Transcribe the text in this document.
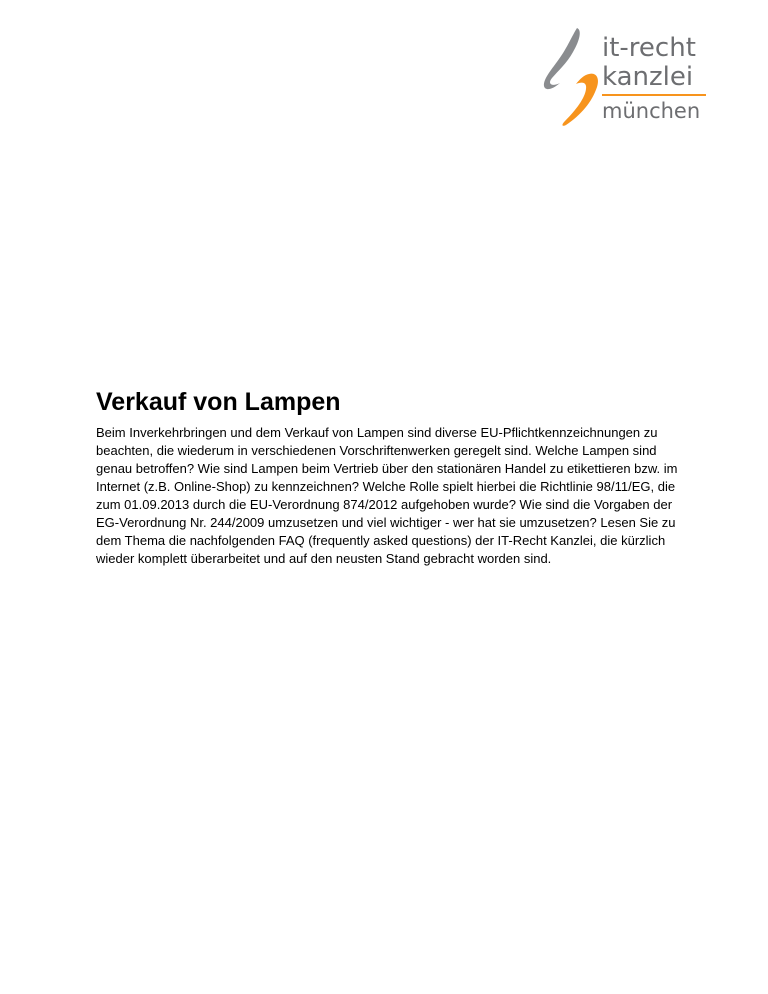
it-recht
kanzlei
münchen
Verkauf von Lampen

Beim Inverkehrbringen und dem Verkauf von Lampen sind diverse EU-Pflichtkennzeichnungen zu beachten, die wiederum in verschiedenen Vorschriftenwerken geregelt sind. Welche Lampen sind genau betroffen? Wie sind Lampen beim Vertrieb über den stationären Handel zu etikettieren bzw. im Internet (z.B. Online-Shop) zu kennzeichnen? Welche Rolle spielt hierbei die Richtlinie 98/11/EG, die zum 01.09.2013 durch die EU-Verordnung 874/2012 aufgehoben wurde? Wie sind die Vorgaben der EG-Verordnung Nr. 244/2009 umzusetzen und viel wichtiger - wer hat sie umzusetzen? Lesen Sie zu dem Thema die nachfolgenden FAQ (frequently asked questions) der IT-Recht Kanzlei, die kürzlich wieder komplett überarbeitet und auf den neusten Stand gebracht worden sind.
